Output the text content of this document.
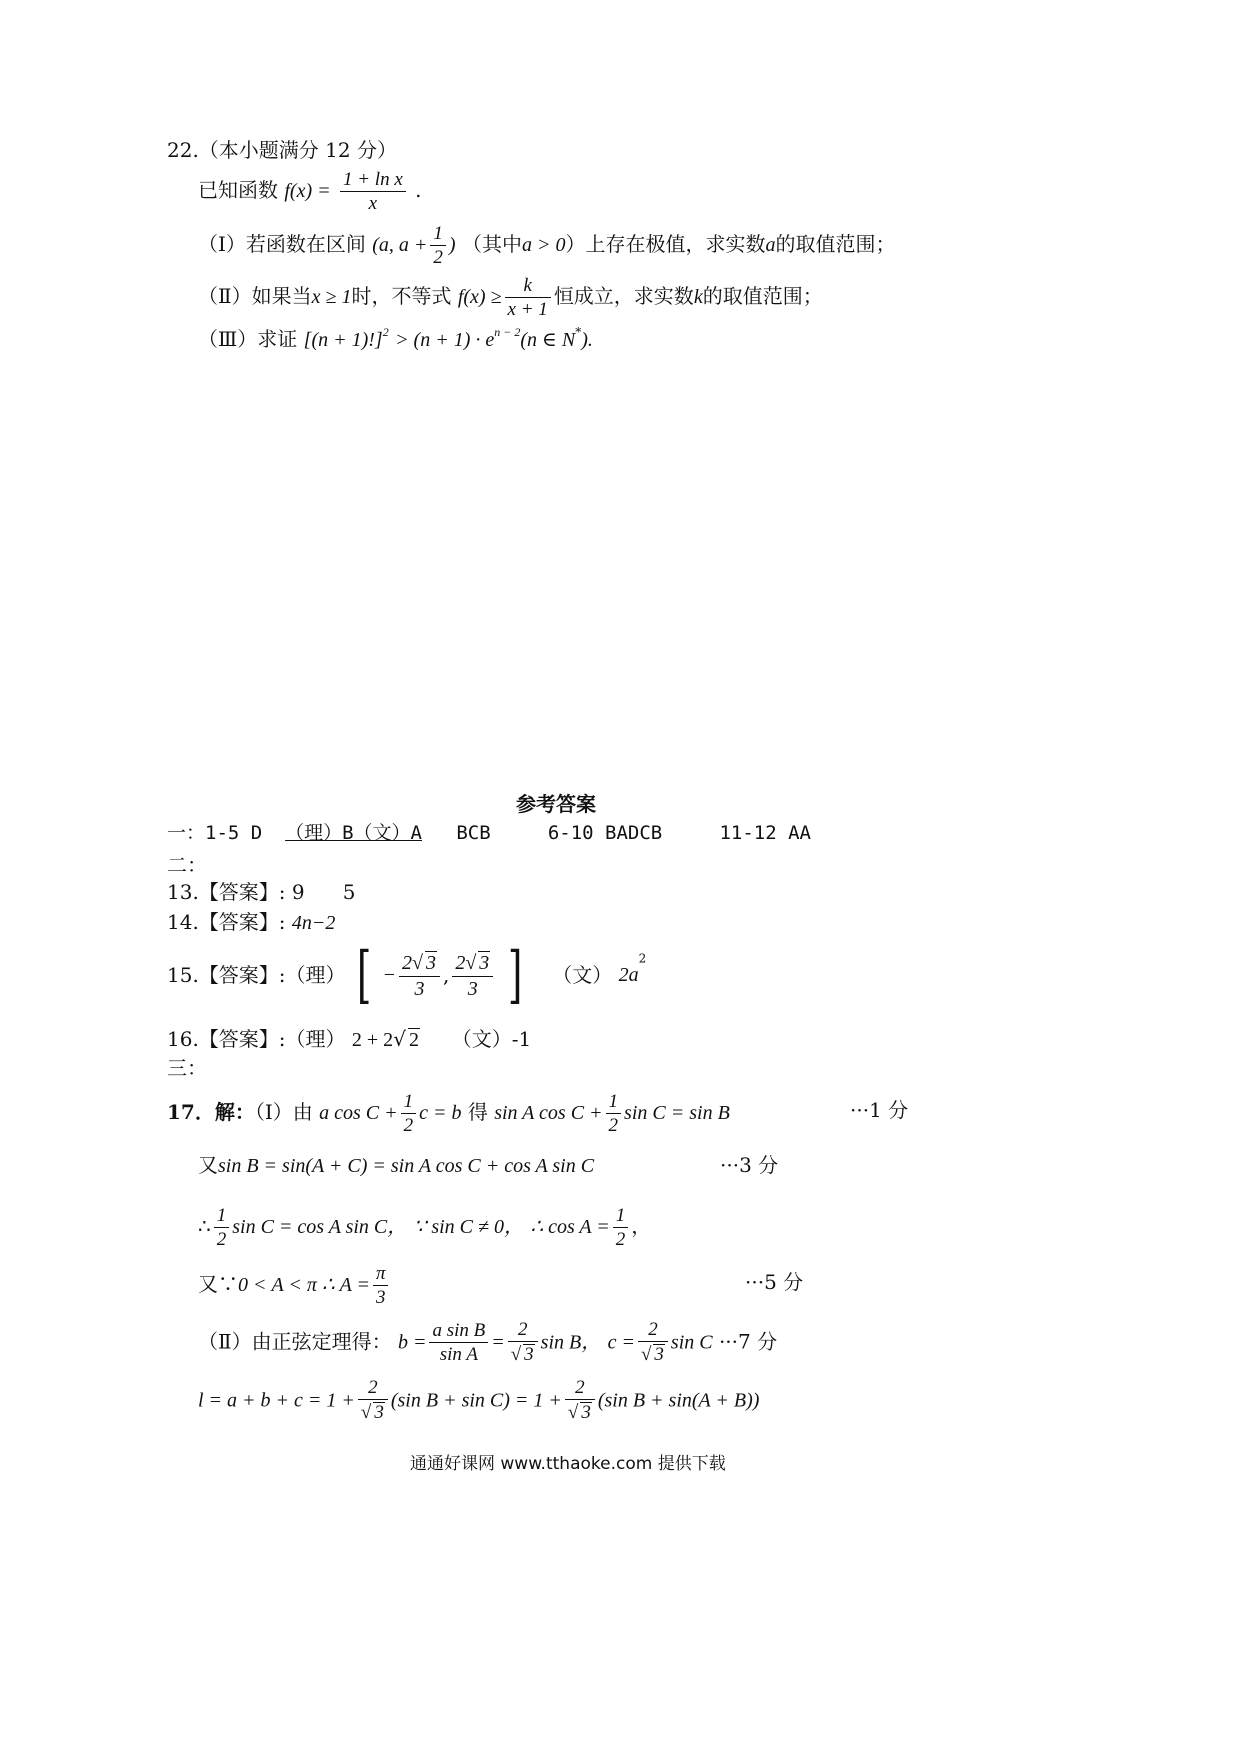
22.（本小题满分 12 分）
已知函数 $f(x) = \frac{\text{1 + ln x}}{x}$ .
（Ⅰ）若函数在区间 (a, $a + \frac{1}{2}$ ) （其中a > 0）上存在极值，求实数a的取值范围；
（Ⅱ）如果当x ≥ 1时，不等式 $f(x) \ge \frac{k}{x + 1}$ 恒成立，求实数k的取值范围；
（Ⅲ）求证 $[(n + 1)!]^2 > (n + 1) \cdot e^{n - 2}(n$ ∈ N*).
参考答案
一：1-5 D （理）B（文）A BCB	6-10 BADCB	11-12 AA
二：
13.【答案】: 9 5
14.【答案】: 4n−2
15.【答案】:（理） [ − $\frac{2√ 3}{3}$ , $\frac{2√ 3}{3}$ ] （文） $2a^2$
16.【答案】:（理） 2 + 2√ 2 （文）-1
三：
17．解：（Ⅰ）由 a $\cos C + \frac{1}{2}$ c = b 得 sin A $\cos C + \frac{1}{2}$ sin C = sin B	···1 分
又sin B = sin(A + C) = sin A cos C + cos A sin C	···3 分
∴ $\frac{1}{2}$ sin C = cos A sin C， ∵ sin C ≠ 0， ∴ $\cos A = \frac{1}{2}$ ，
又∵0 < A < π ∴ $A = \frac{\pi}{3}$	···5 分
（Ⅱ）由正弦定理得： $b = \frac{\text{a sin B}}{\text{sin A}} = \frac{2}{√ 3}$ sin B， $c = \frac{2}{√ 3}$ sin C ···7 分
$l = a + b + c = 1 + \frac{2}{√ 3} (\sin$ $B + \sin C) = 1 + \frac{2}{√ 3} (\sin$ B + sin(A + B))
通通好课网 www.tthaoke.com 提供下载
